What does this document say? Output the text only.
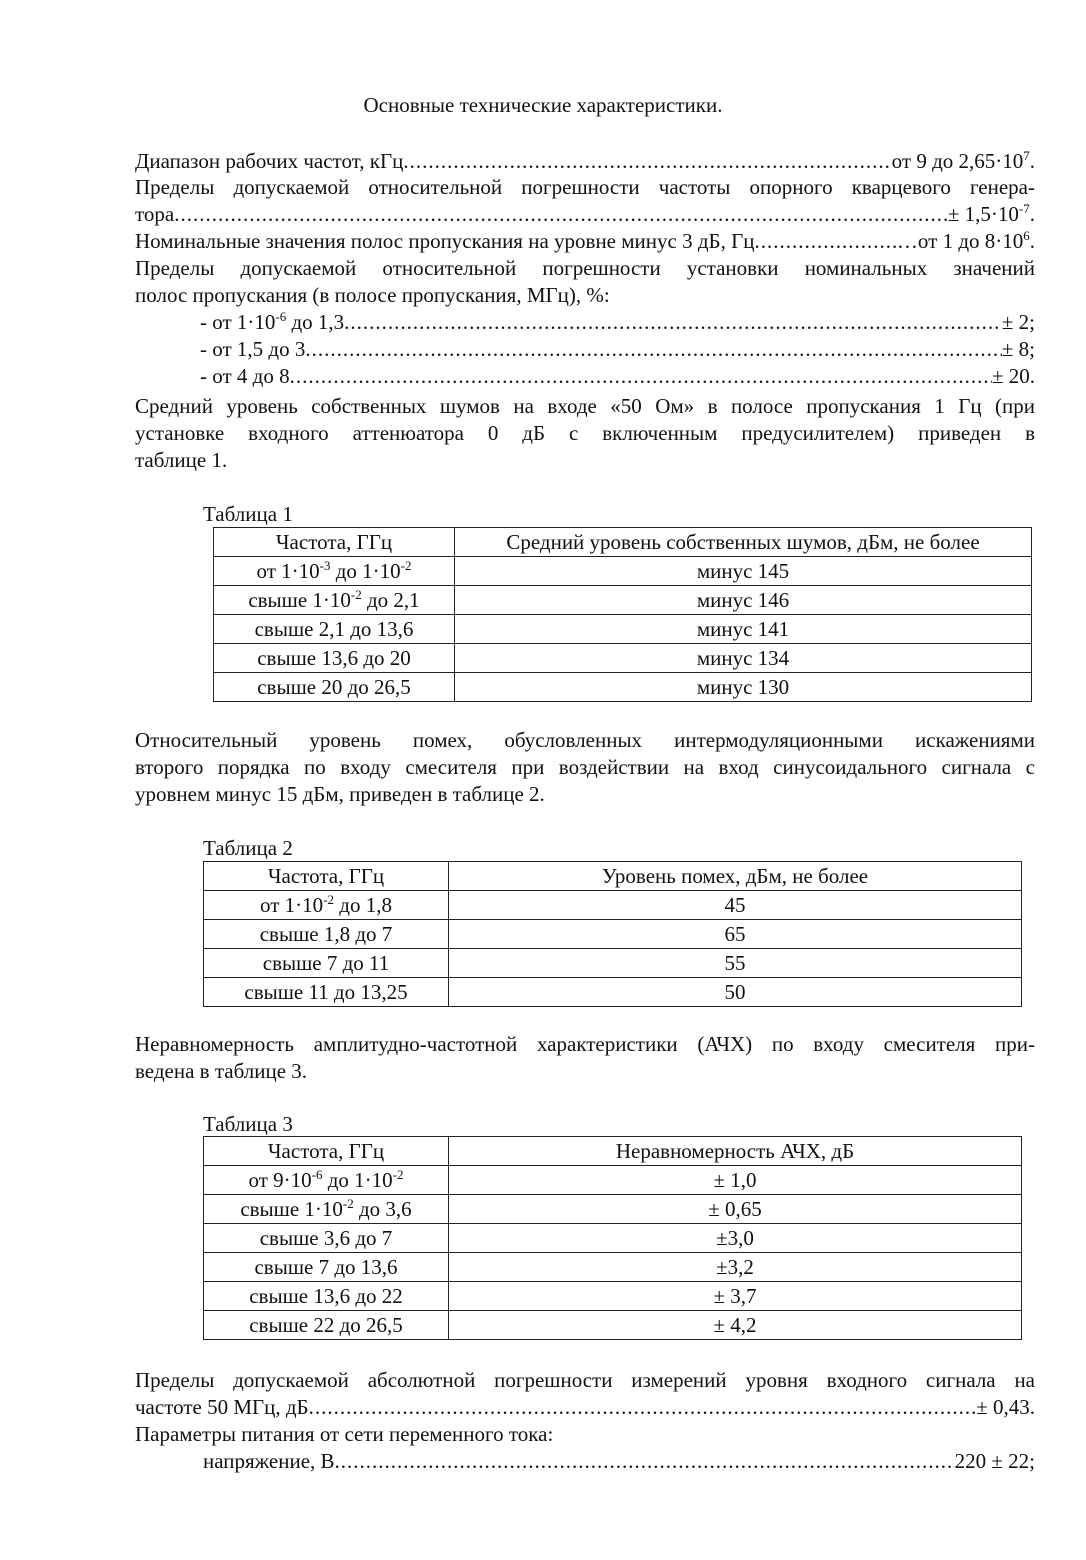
Основные технические характеристики.
Диапазон рабочих частот, кГц .....	от 9 до $2,65\cdot 10^7$.
Пределы допускаемой относительной погрешности частоты опорного кварцевого генера-
тора .....	± $1,5\cdot 10^{-7}$.
Номинальные значения полос пропускания на уровне минус 3 дБ, Гц .....	…от 1 до $8\cdot 10^6$.
Пределы допускаемой относительной погрешности установки номинальных значений
полос пропускания (в полосе пропускания, МГц), %:
- от $1\cdot 10^{-6}$ до 1,3 .....	± 2;
- от 1,5 до 3 .....	± 8;
- от 4 до 8 .....	± 20.
Средний уровень собственных шумов на входе «50 Ом» в полосе пропускания 1 Гц (при
установке входного аттенюатора 0 дБ с включенным предусилителем) приведен в
таблице 1.
Таблица 1
Частота, ГГц	Средний уровень собственных шумов, дБм, не более
от $1\cdot 10^{-3}$ до $1\cdot 10^{-2}$	минус 145
свыше $1\cdot 10^{-2}$ до 2,1	минус 146
свыше 2,1 до 13,6	минус 141
свыше 13,6 до 20	минус 134
свыше 20 до 26,5	минус 130
Относительный уровень помех, обусловленных интермодуляционными искажениями
второго порядка по входу смесителя при воздействии на вход синусоидального сигнала с
уровнем минус 15 дБм, приведен в таблице 2.
Таблица 2
Частота, ГГц	Уровень помех, дБм, не более
от $1\cdot 10^{-2}$ до 1,8	45
свыше 1,8 до 7	65
свыше 7 до 11	55
свыше 11 до 13,25	50
Неравномерность амплитудно-частотной характеристики (АЧХ) по входу смесителя при-
ведена в таблице 3.
Таблица 3
Частота, ГГц	Неравномерность АЧХ, дБ
от $9\cdot 10^{-6}$ до $1\cdot 10^{-2}$	± 1,0
свыше $1\cdot 10^{-2}$ до 3,6	± 0,65
свыше 3,6 до 7	±3,0
свыше 7 до 13,6	±3,2
свыше 13,6 до 22	± 3,7
свыше 22 до 26,5	± 4,2
Пределы допускаемой абсолютной погрешности измерений уровня входного сигнала на
частоте 50 МГц, дБ .....	± 0,43.
Параметры питания от сети переменного тока:
напряжение, В .....	220 ± 22;
